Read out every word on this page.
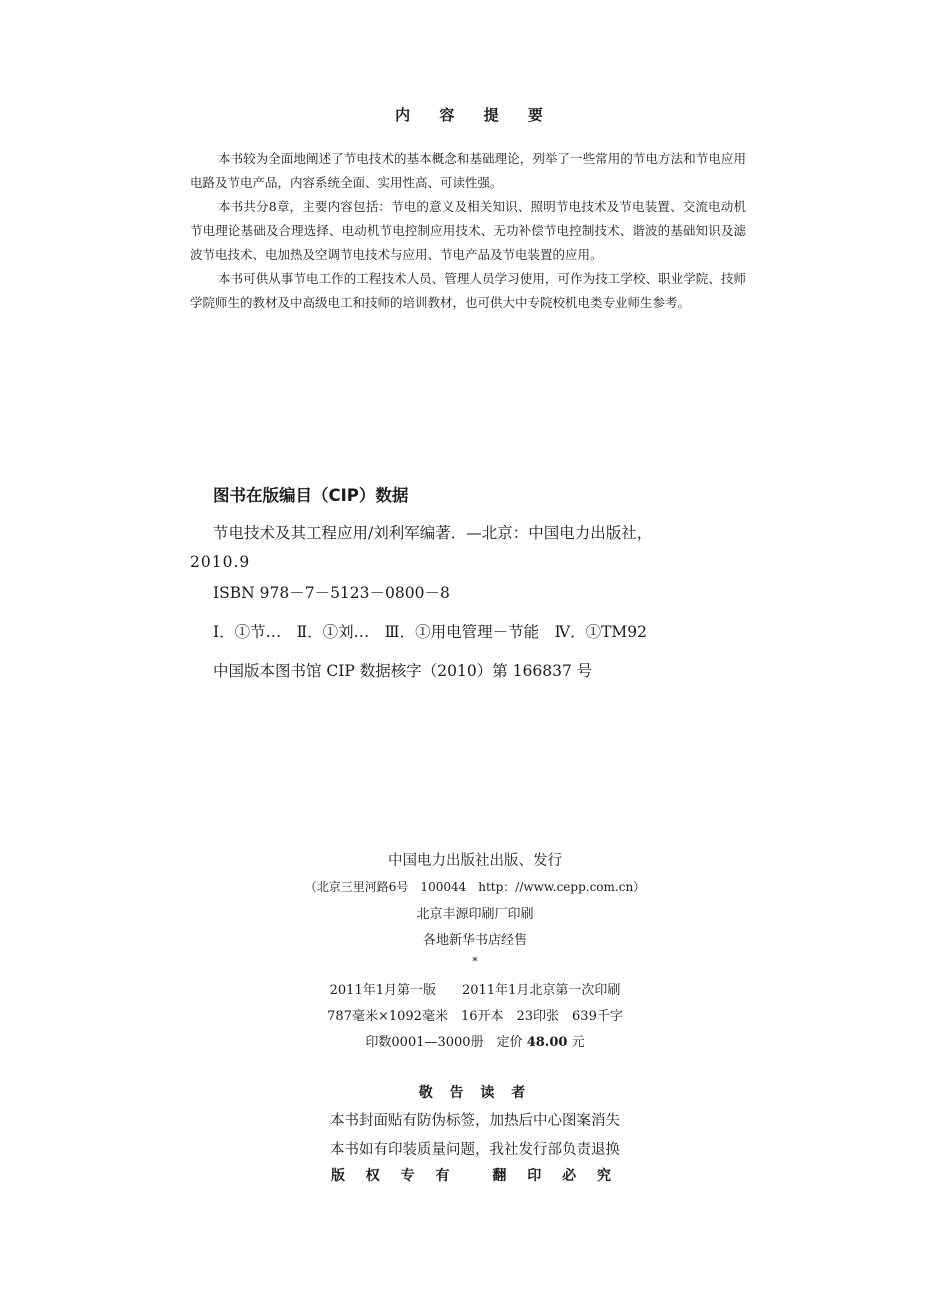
内 容 提 要

本书较为全面地阐述了节电技术的基本概念和基础理论，列举了一些常用的节电方法和节电应用电路及节电产品，内容系统全面、实用性高、可读性强。

本书共分8章，主要内容包括：节电的意义及相关知识、照明节电技术及节电装置、交流电动机节电理论基础及合理选择、电动机节电控制应用技术、无功补偿节电控制技术、谐波的基础知识及滤波节电技术、电加热及空调节电技术与应用、节电产品及节电装置的应用。

本书可供从事节电工作的工程技术人员、管理人员学习使用，可作为技工学校、职业学院、技师学院师生的教材及中高级电工和技师的培训教材，也可供大中专院校机电类专业师生参考。

图书在版编目（CIP）数据
节电技术及其工程应用/刘利军编著．—北京：中国电力出版社，
2010.9
ISBN 978－7－5123－0800－8
Ⅰ．①节…　Ⅱ．①刘…　Ⅲ．①用电管理－节能　Ⅳ．①TM92
中国版本图书馆 CIP 数据核字（2010）第 166837 号
中国电力出版社出版、发行
（北京三里河路6号　100044　http：//www.cepp.com.cn）
北京丰源印刷厂印刷
各地新华书店经售
*
2011年1月第一版　　2011年1月北京第一次印刷
787毫米×1092毫米　16开本　23印张　639千字
印数0001—3000册　定价 48.00 元
敬 告 读 者
本书封面贴有防伪标签，加热后中心图案消失
本书如有印装质量问题，我社发行部负责退换
版 权 专 有　 翻 印 必 究
